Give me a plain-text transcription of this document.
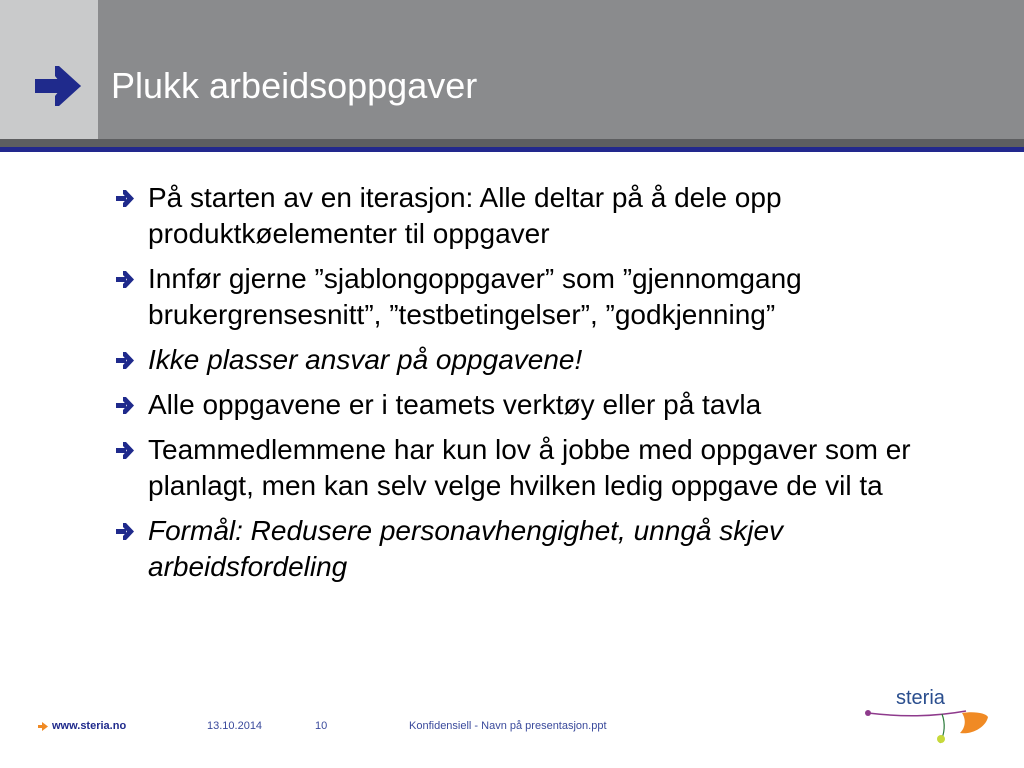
Plukk arbeidsoppgaver
På starten av en iterasjon: Alle deltar på å dele opp produktkøelementer til oppgaver
Innfør gjerne ”sjablongoppgaver” som ”gjennomgang brukergrensesnitt”, ”testbetingelser”, ”godkjenning”
Ikke plasser ansvar på oppgavene!
Alle oppgavene er i teamets verktøy eller på tavla
Teammedlemmene har kun lov å jobbe med oppgaver som er planlagt, men kan selv velge hvilken ledig oppgave de vil ta
Formål: Redusere personavhengighet, unngå skjev arbeidsfordeling
www.steria.no	13.10.2014	10	Konfidensiell - Navn på presentasjon.ppt
steria
